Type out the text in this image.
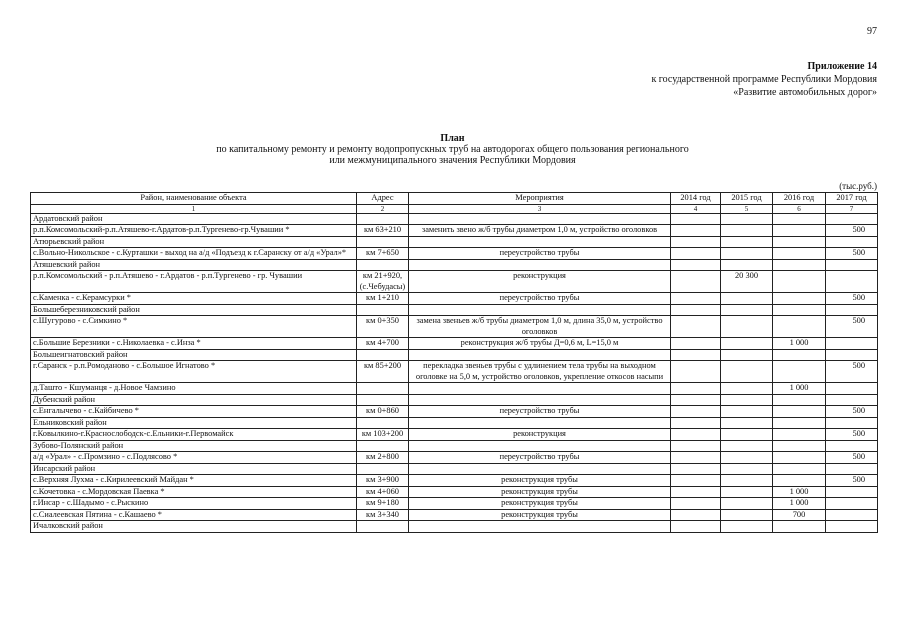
97
Приложение 14
к государственной программе Республики Мордовия
«Развитие автомобильных дорог»
План
по капитальному ремонту и ремонту водопропускных труб на автодорогах общего пользования регионального
или межмуниципального значения Республики Мордовия
(тыс.руб.)
Район, наименование объекта	Адрес	Мероприятия	2014 год	2015 год	2016 год	2017 год
1	2	3	4	5	6	7
Ардатовский район						
р.п.Комсомольский-р.п.Атяшево-г.Ардатов-р.п.Тургенево-гр.Чувашии *	км 63+210	заменить звено ж/б трубы диаметром 1,0 м, устройство оголовков				500
Атюрьевский район						
с.Вольно-Никольское - с.Курташки - выход на а/д «Подъезд к г.Саранску от а/д «Урал»*	км 7+650	переустройство трубы				500
Атяшевский район						
р.п.Комсомольский - р.п.Атяшево - г.Ардатов - р.п.Тургенево - гр. Чувашии	км 21+920, (с.Чебудасы)	реконструкция		20 300		
с.Каменка - с.Керамсурки *	км 1+210	переустройство трубы				500
Большеберезниковский район						
с.Шугурово - с.Симкино *	км 0+350	замена звеньев ж/б трубы диаметром 1,0 м, длина 35,0 м, устройство оголовков				500
с.Большие Березники - с.Николаевка - с.Инза *	км 4+700	реконструкция ж/б трубы Д=0,6 м, L=15,0 м			1 000	
Большеигнатовский район						
г.Саранск - р.п.Ромоданово - с.Большое Игнатово *	км 85+200	перекладка звеньев трубы с удлинением тела трубы на выходном оголовке на 5,0 м, устройство оголовков, укрепление откосов насыпи				500
д.Ташто - Кшуманця - д.Новое Чамзино					1 000	
Дубенский район						
с.Енгалычево - с.Кайбичево *	км 0+860	переустройство трубы				500
Ельниковский район						
г.Ковылкино-г.Краснослободск-с.Ельники-г.Первомайск	км 103+200	реконструкция				500
Зубово-Полянский район						
а/д «Урал» - с.Промзино - с.Подлясово *	км 2+800	переустройство трубы				500
Инсарский район						
с.Верхняя Лухма - с.Кирилеевский Майдан *	км 3+900	реконструкция трубы				500
с.Кочетовка - с.Мордовская Паевка *	км 4+060	реконструкция трубы			1 000	
г.Инсар - с.Шадымо - с.Рыскино	км 9+180	реконструкция трубы			1 000	
с.Сиалеевская Пятина - с.Кашаево *	км 3+340	реконструкция трубы			700	
Ичалковский район						
